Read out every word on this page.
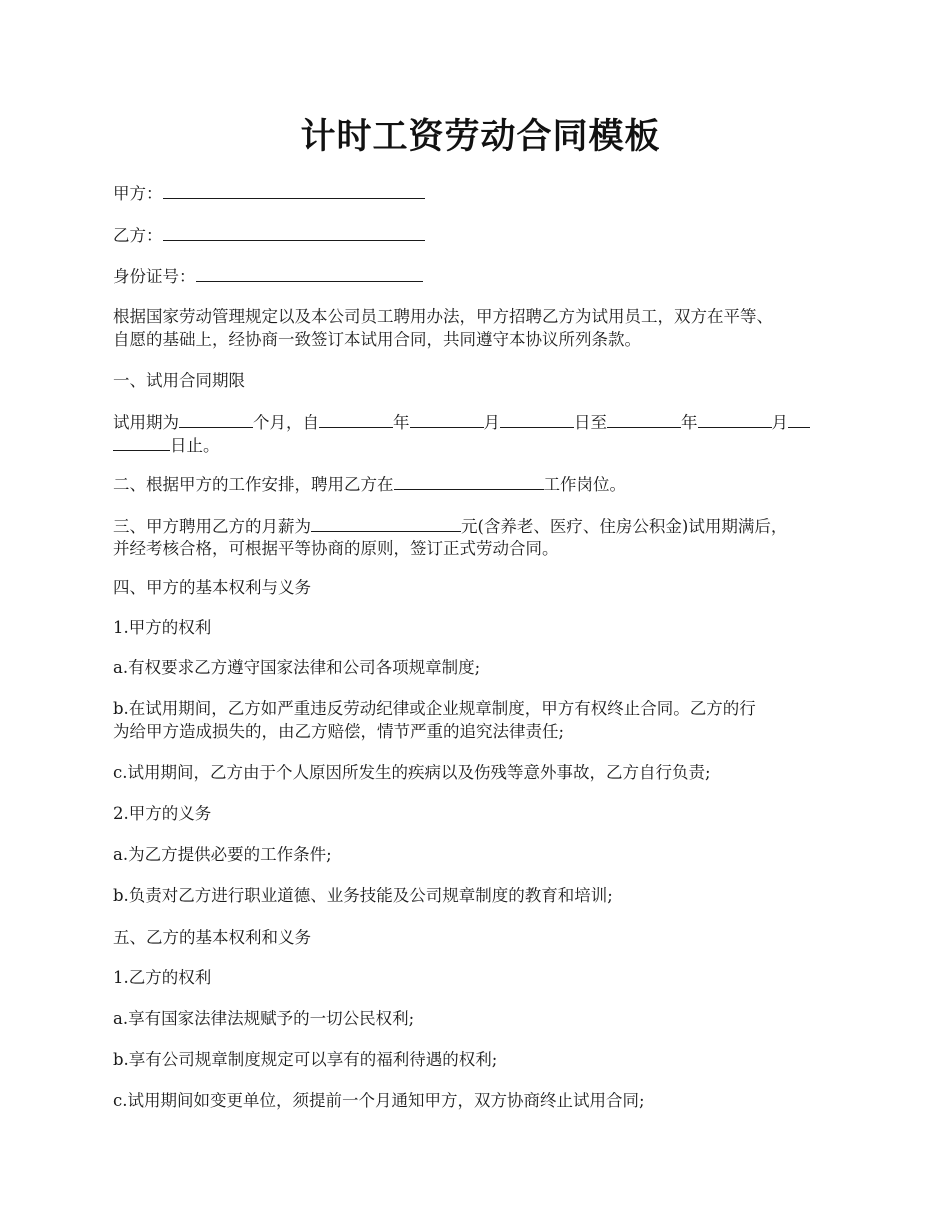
计时工资劳动合同模板
甲方：
乙方：
身份证号：
根据国家劳动管理规定以及本公司员工聘用办法，甲方招聘乙方为试用员工，双方在平等、
自愿的基础上，经协商一致签订本试用合同，共同遵守本协议所列条款。
一、试用合同期限
试用期为	个月，自	年	月	日至	年	月
日止。
二、根据甲方的工作安排，聘用乙方在	工作岗位。
三、甲方聘用乙方的月薪为	元(含养老、医疗、住房公积金)试用期满后，
并经考核合格，可根据平等协商的原则，签订正式劳动合同。
四、甲方的基本权利与义务
1.甲方的权利
a.有权要求乙方遵守国家法律和公司各项规章制度;
b.在试用期间，乙方如严重违反劳动纪律或企业规章制度，甲方有权终止合同。乙方的行
为给甲方造成损失的，由乙方赔偿，情节严重的追究法律责任;
c.试用期间，乙方由于个人原因所发生的疾病以及伤残等意外事故，乙方自行负责;
2.甲方的义务
a.为乙方提供必要的工作条件;
b.负责对乙方进行职业道德、业务技能及公司规章制度的教育和培训;
五、乙方的基本权利和义务
1.乙方的权利
a.享有国家法律法规赋予的一切公民权利;
b.享有公司规章制度规定可以享有的福利待遇的权利;
c.试用期间如变更单位，须提前一个月通知甲方，双方协商终止试用合同;
